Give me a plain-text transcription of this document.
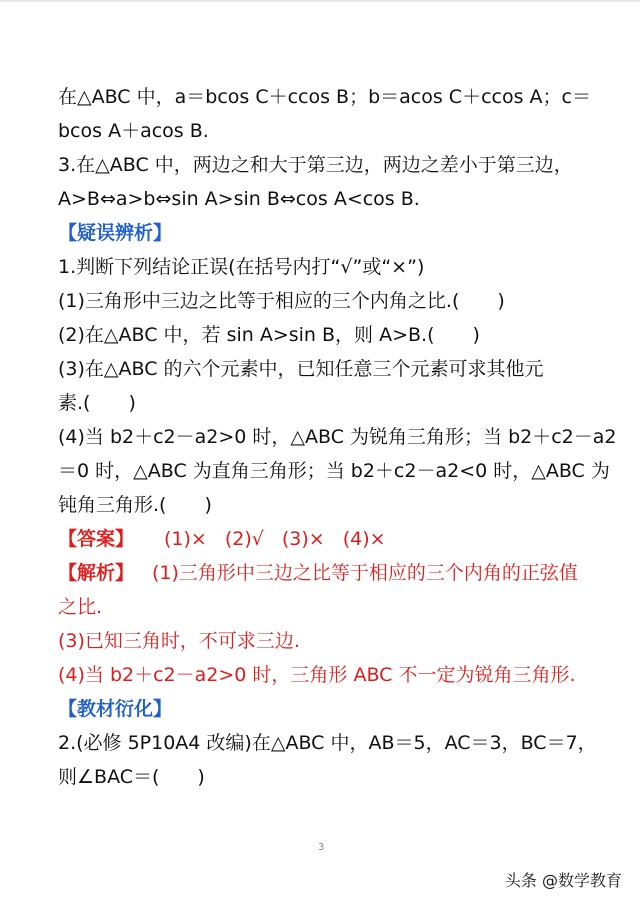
在△ABC 中，a＝bcos C＋ccos B；b＝acos C＋ccos A；c＝
bcos A＋acos B.
3.在△ABC 中，两边之和大于第三边，两边之差小于第三边，
A>B⇔a>b⇔sin A>sin B⇔cos A<cos B.
【疑误辨析】
1.判断下列结论正误(在括号内打“√”或“×”)
(1)三角形中三边之比等于相应的三个内角之比.(　　)
(2)在△ABC 中，若 sin A>sin B，则 A>B.(　　)
(3)在△ABC 的六个元素中，已知任意三个元素可求其他元
素.(　　)
(4)当 b2＋c2－a2>0 时，△ABC 为锐角三角形；当 b2＋c2－a2
＝0 时，△ABC 为直角三角形；当 b2＋c2－a2<0 时，△ABC 为
钝角三角形.(　　)
【答案】 (1)× (2)√ (3)× (4)×
【解析】 (1)三角形中三边之比等于相应的三个内角的正弦值
之比.
(3)已知三角时，不可求三边.
(4)当 b2＋c2－a2>0 时，三角形 ABC 不一定为锐角三角形.
【教材衍化】
2.(必修 5P10A4 改编)在△ABC 中，AB＝5，AC＝3，BC＝7，
则∠BAC＝(　　)
3
头条 @数学教育
